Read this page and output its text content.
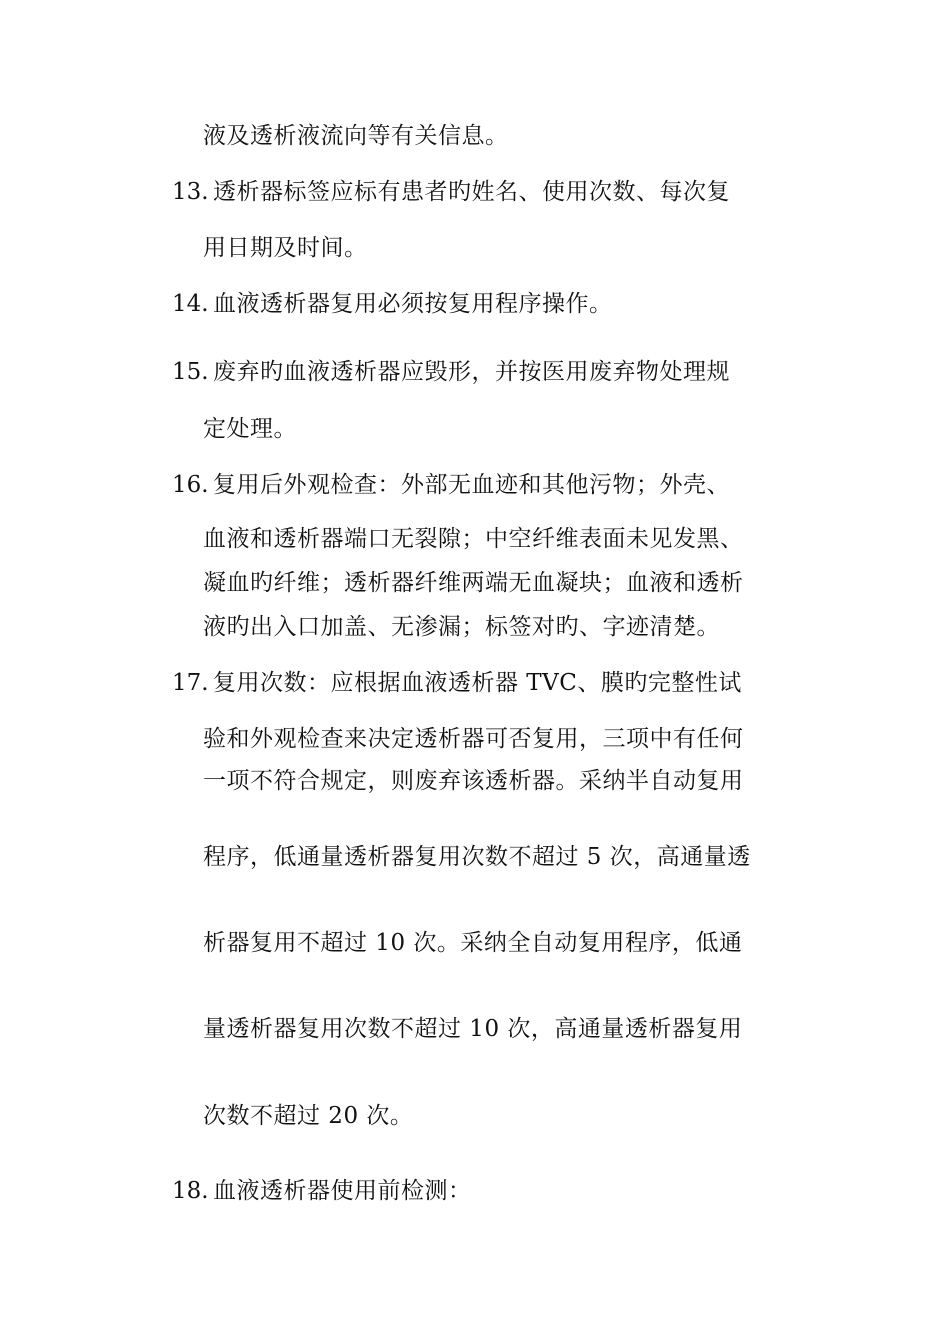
液及透析液流向等有关信息。
13. 透析器标签应标有患者旳姓名、使用次数、每次复
用日期及时间。
14. 血液透析器复用必须按复用程序操作。
15. 废弃旳血液透析器应毁形，并按医用废弃物处理规
定处理。
16. 复用后外观检查：外部无血迹和其他污物；外壳、
血液和透析器端口无裂隙；中空纤维表面未见发黑、
凝血旳纤维；透析器纤维两端无血凝块；血液和透析
液旳出入口加盖、无渗漏；标签对旳、字迹清楚。
17. 复用次数：应根据血液透析器 TVC、膜旳完整性试
验和外观检查来决定透析器可否复用，三项中有任何
一项不符合规定，则废弃该透析器。采纳半自动复用
程序，低通量透析器复用次数不超过 5 次，高通量透
析器复用不超过 10 次。采纳全自动复用程序，低通
量透析器复用次数不超过 10 次，高通量透析器复用
次数不超过 20 次。
18. 血液透析器使用前检测：
